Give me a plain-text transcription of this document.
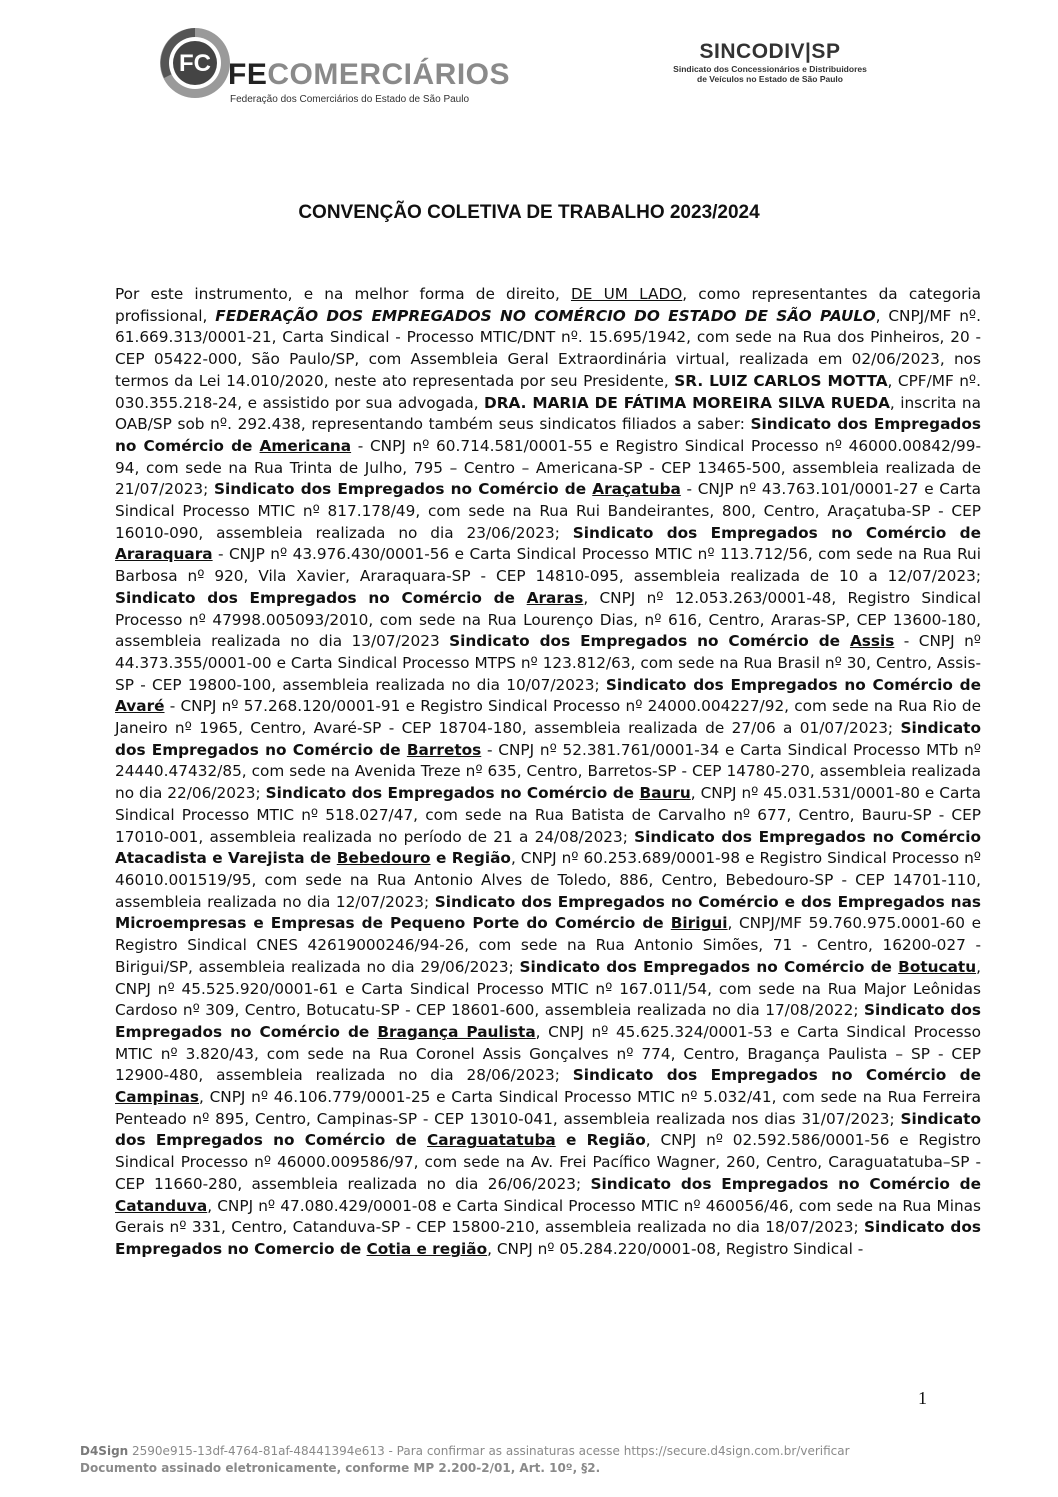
FC FECOMERCIÁRIOS
Federação dos Comerciários do Estado de São Paulo
SINCODIV|SP
Sindicato dos Concessionários e Distribuidores
de Veículos no Estado de São Paulo
CONVENÇÃO COLETIVA DE TRABALHO 2023/2024
Por este instrumento, e na melhor forma de direito, DE UM LADO, como representantes da categoria profissional, FEDERAÇÃO DOS EMPREGADOS NO COMÉRCIO DO ESTADO DE SÃO PAULO, CNPJ/MF nº. 61.669.313/0001-21, Carta Sindical - Processo MTIC/DNT nº. 15.695/1942, com sede na Rua dos Pinheiros, 20 - CEP 05422-000, São Paulo/SP, com Assembleia Geral Extraordinária virtual, realizada em 02/06/2023, nos termos da Lei 14.010/2020, neste ato representada por seu Presidente, SR. LUIZ CARLOS MOTTA, CPF/MF nº. 030.355.218-24, e assistido por sua advogada, DRA. MARIA DE FÁTIMA MOREIRA SILVA RUEDA, inscrita na OAB/SP sob nº. 292.438, representando também seus sindicatos filiados a saber: Sindicato dos Empregados no Comércio de Americana - CNPJ nº 60.714.581/0001-55 e Registro Sindical Processo nº 46000.00842/99-94, com sede na Rua Trinta de Julho, 795 – Centro – Americana-SP - CEP 13465-500, assembleia realizada de 21/07/2023; Sindicato dos Empregados no Comércio de Araçatuba - CNJP nº 43.763.101/0001-27 e Carta Sindical Processo MTIC nº 817.178/49, com sede na Rua Rui Bandeirantes, 800, Centro, Araçatuba-SP - CEP 16010-090, assembleia realizada no dia 23/06/2023; Sindicato dos Empregados no Comércio de Araraquara - CNJP nº 43.976.430/0001-56 e Carta Sindical Processo MTIC nº 113.712/56, com sede na Rua Rui Barbosa nº 920, Vila Xavier, Araraquara-SP - CEP 14810-095, assembleia realizada de 10 a 12/07/2023; Sindicato dos Empregados no Comércio de Araras, CNPJ nº 12.053.263/0001-48, Registro Sindical Processo nº 47998.005093/2010, com sede na Rua Lourenço Dias, nº 616, Centro, Araras-SP, CEP 13600-180, assembleia realizada no dia 13/07/2023 Sindicato dos Empregados no Comércio de Assis - CNPJ nº 44.373.355/0001-00 e Carta Sindical Processo MTPS nº 123.812/63, com sede na Rua Brasil nº 30, Centro, Assis-SP - CEP 19800-100, assembleia realizada no dia 10/07/2023; Sindicato dos Empregados no Comércio de Avaré - CNPJ nº 57.268.120/0001-91 e Registro Sindical Processo nº 24000.004227/92, com sede na Rua Rio de Janeiro nº 1965, Centro, Avaré-SP - CEP 18704-180, assembleia realizada de 27/06 a 01/07/2023; Sindicato dos Empregados no Comércio de Barretos - CNPJ nº 52.381.761/0001-34 e Carta Sindical Processo MTb nº 24440.47432/85, com sede na Avenida Treze nº 635, Centro, Barretos-SP - CEP 14780-270, assembleia realizada no dia 22/06/2023; Sindicato dos Empregados no Comércio de Bauru, CNPJ nº 45.031.531/0001-80 e Carta Sindical Processo MTIC nº 518.027/47, com sede na Rua Batista de Carvalho nº 677, Centro, Bauru-SP - CEP 17010-001, assembleia realizada no período de 21 a 24/08/2023; Sindicato dos Empregados no Comércio Atacadista e Varejista de Bebedouro e Região, CNPJ nº 60.253.689/0001-98 e Registro Sindical Processo nº 46010.001519/95, com sede na Rua Antonio Alves de Toledo, 886, Centro, Bebedouro-SP - CEP 14701-110, assembleia realizada no dia 12/07/2023; Sindicato dos Empregados no Comércio e dos Empregados nas Microempresas e Empresas de Pequeno Porte do Comércio de Birigui, CNPJ/MF 59.760.975.0001-60 e Registro Sindical CNES 42619000246/94-26, com sede na Rua Antonio Simões, 71 - Centro, 16200-027 - Birigui/SP, assembleia realizada no dia 29/06/2023; Sindicato dos Empregados no Comércio de Botucatu, CNPJ nº 45.525.920/0001-61 e Carta Sindical Processo MTIC nº 167.011/54, com sede na Rua Major Leônidas Cardoso nº 309, Centro, Botucatu-SP - CEP 18601-600, assembleia realizada no dia 17/08/2022; Sindicato dos Empregados no Comércio de Bragança Paulista, CNPJ nº 45.625.324/0001-53 e Carta Sindical Processo MTIC nº 3.820/43, com sede na Rua Coronel Assis Gonçalves nº 774, Centro, Bragança Paulista – SP - CEP 12900-480, assembleia realizada no dia 28/06/2023; Sindicato dos Empregados no Comércio de Campinas, CNPJ nº 46.106.779/0001-25 e Carta Sindical Processo MTIC nº 5.032/41, com sede na Rua Ferreira Penteado nº 895, Centro, Campinas-SP - CEP 13010-041, assembleia realizada nos dias 31/07/2023; Sindicato dos Empregados no Comércio de Caraguatatuba e Região, CNPJ nº 02.592.586/0001-56 e Registro Sindical Processo nº 46000.009586/97, com sede na Av. Frei Pacífico Wagner, 260, Centro, Caraguatatuba–SP - CEP 11660-280, assembleia realizada no dia 26/06/2023; Sindicato dos Empregados no Comércio de Catanduva, CNPJ nº 47.080.429/0001-08 e Carta Sindical Processo MTIC nº 460056/46, com sede na Rua Minas Gerais nº 331, Centro, Catanduva-SP - CEP 15800-210, assembleia realizada no dia 18/07/2023; Sindicato dos Empregados no Comercio de Cotia e região, CNPJ nº 05.284.220/0001-08, Registro Sindical -
1
D4Sign 2590e915-13df-4764-81af-48441394e613 - Para confirmar as assinaturas acesse https://secure.d4sign.com.br/verificar
Documento assinado eletronicamente, conforme MP 2.200-2/01, Art. 10º, §2.
